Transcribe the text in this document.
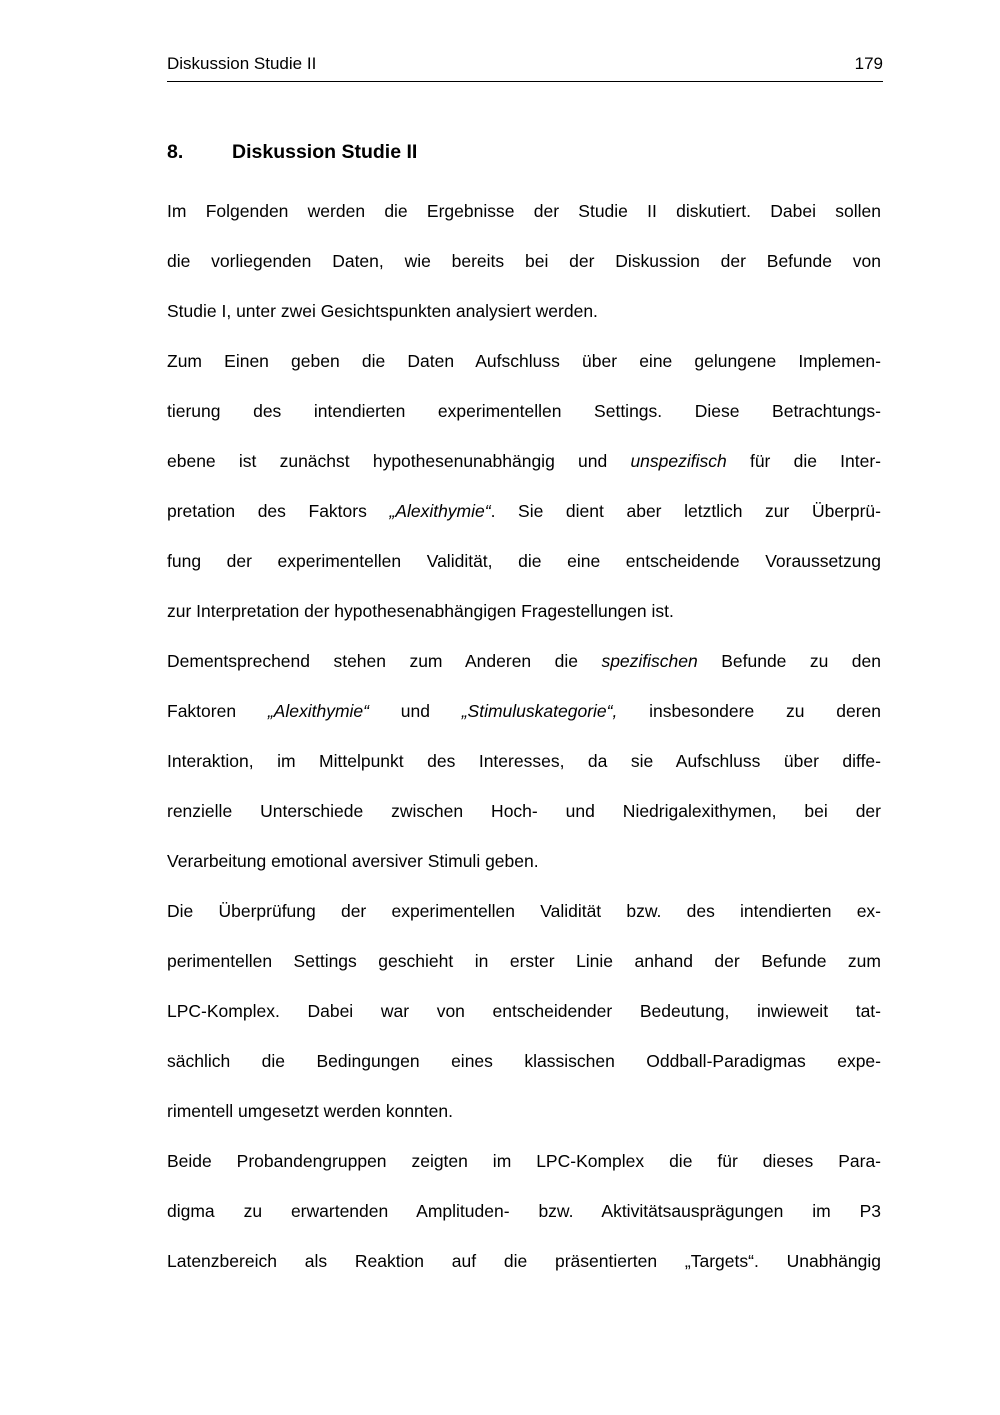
Diskussion Studie II	179
8. Diskussion Studie II
Im Folgenden werden die Ergebnisse der Studie II diskutiert. Dabei sollen
die vorliegenden Daten, wie bereits bei der Diskussion der Befunde von
Studie I, unter zwei Gesichtspunkten analysiert werden.
Zum Einen geben die Daten Aufschluss über eine gelungene Implemen-
tierung des intendierten experimentellen Settings. Diese Betrachtungs-
ebene ist zunächst hypothesenunabhängig und unspezifisch für die Inter-
pretation des Faktors „Alexithymie“. Sie dient aber letztlich zur Überprü-
fung der experimentellen Validität, die eine entscheidende Voraussetzung
zur Interpretation der hypothesenabhängigen Fragestellungen ist.
Dementsprechend stehen zum Anderen die spezifischen Befunde zu den
Faktoren „Alexithymie“ und „Stimuluskategorie“, insbesondere zu deren
Interaktion, im Mittelpunkt des Interesses, da sie Aufschluss über diffe-
renzielle Unterschiede zwischen Hoch- und Niedrigalexithymen, bei der
Verarbeitung emotional aversiver Stimuli geben.
Die Überprüfung der experimentellen Validität bzw. des intendierten ex-
perimentellen Settings geschieht in erster Linie anhand der Befunde zum
LPC-Komplex. Dabei war von entscheidender Bedeutung, inwieweit tat-
sächlich die Bedingungen eines klassischen Oddball-Paradigmas expe-
rimentell umgesetzt werden konnten.
Beide Probandengruppen zeigten im LPC-Komplex die für dieses Para-
digma zu erwartenden Amplituden- bzw. Aktivitätsausprägungen im P3
Latenzbereich als Reaktion auf die präsentierten „Targets“. Unabhängig
